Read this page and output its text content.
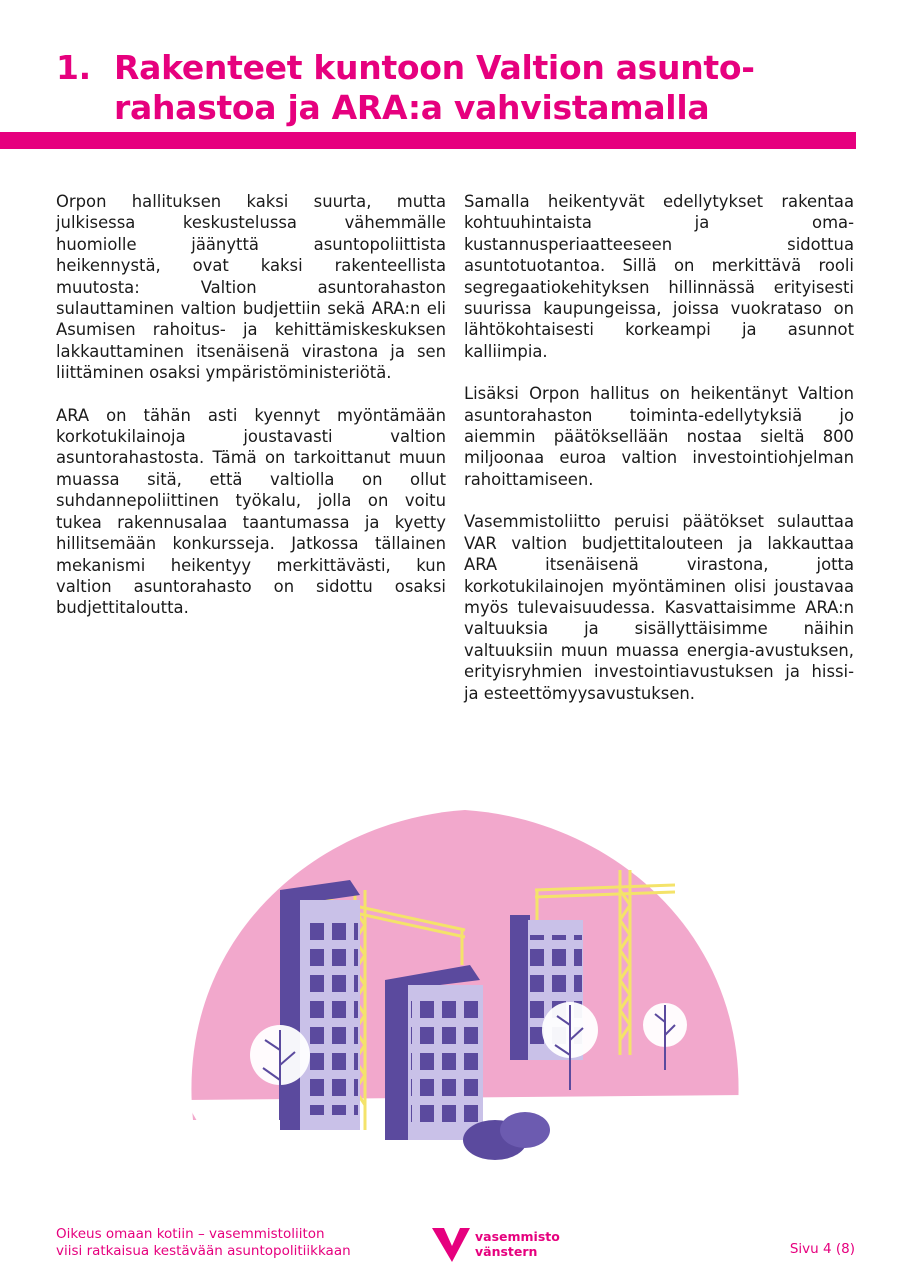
1. Rakenteet kuntoon Valtion asunto-
rahastoa ja ARA:a vahvistamalla

Orpon hallituksen kaksi suurta, mutta julkisessa keskustelussa vähemmälle huomiolle jäänyttä asuntopoliittista heikennystä, ovat kaksi rakenteellista muutosta: Valtion asuntorahaston sulauttaminen valtion budjettiin sekä ARA:n eli Asumisen rahoitus- ja kehittämiskeskuksen lakkauttaminen itsenäisenä virastona ja sen liittäminen osaksi ympäristöministeriötä.

ARA on tähän asti kyennyt myöntämään korkotukilainoja joustavasti valtion asuntorahastosta. Tämä on tarkoittanut muun muassa sitä, että valtiolla on ollut suhdannepoliittinen työkalu, jolla on voitu tukea rakennusalaa taantumassa ja kyetty hillitsemään konkursseja. Jatkossa tällainen mekanismi heikentyy merkittävästi, kun valtion asuntorahasto on sidottu osaksi budjettitaloutta.

Samalla heikentyvät edellytykset rakentaa kohtuuhintaista ja oma-kustannusperiaatteeseen sidottua asuntotuotantoa. Sillä on merkittävä rooli segregaatiokehityksen hillinnässä erityisesti suurissa kaupungeissa, joissa vuokrataso on lähtökohtaisesti korkeampi ja asunnot kalliimpia.

Lisäksi Orpon hallitus on heikentänyt Valtion asuntorahaston toiminta-edellytyksiä jo aiemmin päätöksellään nostaa sieltä 800 miljoonaa euroa valtion investointiohjelman rahoittamiseen.

Vasemmistoliitto peruisi päätökset sulauttaa VAR valtion budjettitalouteen ja lakkauttaa ARA itsenäisenä virastona, jotta korkotukilainojen myöntäminen olisi joustavaa myös tulevaisuudessa. Kasvattaisimme ARA:n valtuuksia ja sisällyttäisimme näihin valtuuksiin muun muassa energia-avustuksen, erityisryhmien investointiavustuksen ja hissi- ja esteettömyysavustuksen.

Oikeus omaan kotiin – vasemmistoliiton
viisi ratkaisua kestävään asuntopolitiikkaan
vasemmisto
vänstern	Sivu 4 (8)
